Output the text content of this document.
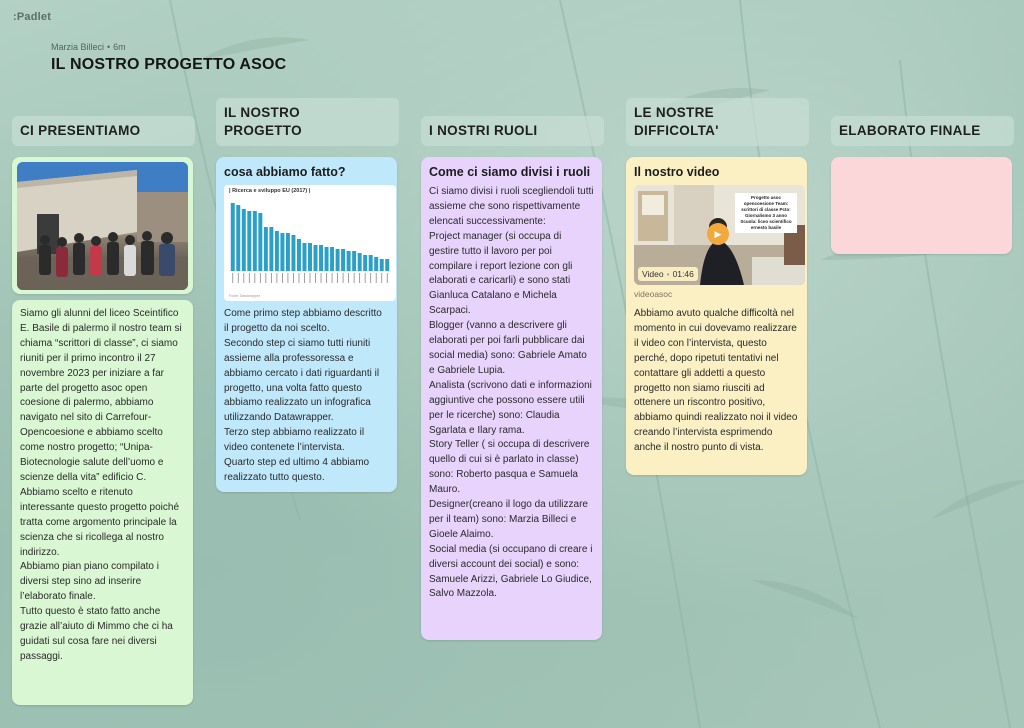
:Padlet
Marzia Billeci • 6m
IL NOSTRO PROGETTO ASOC
CI PRESENTIAMO
IL NOSTRO
PROGETTO	I NOSTRI RUOLI
LE NOSTRE
DIFFICOLTA'	ELABORATO FINALE
Siamo gli alunni del liceo Sceintifico E. Basile di palermo il nostro team si chiama “scrittori di classe”, ci siamo riuniti per il primo incontro il 27 novembre 2023 per iniziare a far parte del progetto asoc open coesione di palermo, abbiamo navigato nel sito di Carrefour-Opencoesione e abbiamo scelto come nostro progetto; “Unipa-Biotecnologie salute dell’uomo e scienze della vita” edificio C.
Abbiamo scelto e ritenuto interessante questo progetto poiché tratta come argomento principale la scienza che si ricollega al nostro indirizzo.
Abbiamo pian piano compilato i diversi step sino ad inserire l’elaborato finale.
Tutto questo è stato fatto anche grazie all’aiuto di Mimmo che ci ha guidati sul cosa fare nei diversi passaggi.
cosa abbiamo fatto?
| Ricerca e sviluppo EU (2017) |
Fonte: Datawrapper
Come primo step abbiamo descritto il progetto da noi scelto.
Secondo step ci siamo tutti riuniti assieme alla professoressa e abbiamo cercato i dati riguardanti il progetto, una volta fatto questo abbiamo realizzato un infografica utilizzando Datawrapper.
Terzo step abbiamo realizzato il video contenete l’intervista.
Quarto step ed ultimo 4 abbiamo realizzato tutto questo.
Come ci siamo divisi i ruoli
Ci siamo divisi i ruoli scegliendoli tutti assieme che sono rispettivamente elencati successivamente:
Project manager (si occupa di gestire tutto il lavoro per poi compilare i report lezione con gli elaborati e caricarli) e sono stati Gianluca Catalano e Michela Scarpaci.
Blogger (vanno a descrivere gli elaborati per poi farli pubblicare dai social media) sono: Gabriele Amato e Gabriele Lupia.
Analista (scrivono dati e informazioni aggiuntive che possono essere utili per le ricerche) sono: Claudia Sgarlata e Ilary rama.
Story Teller ( si occupa di descrivere quello di cui si è parlato in classe) sono: Roberto pasqua e Samuela Mauro.
Designer(creano il logo da utilizzare per il team) sono: Marzia Billeci e Gioele Alaimo.
Social media (si occupano di creare i diversi account dei social) e sono: Samuele Arizzi, Gabriele Lo Giudice, Salvo Mazzola.
Il nostro video
Progetto asoc opencoesione Team: scrittori di classe Pcto: Giornalismo 3 anno Scuola: liceo scientifico ernesto basile
▶
Video • 01:46
videoasoc
Abbiamo avuto qualche difficoltà nel momento in cui dovevamo realizzare il video con l’intervista, questo perché, dopo ripetuti tentativi nel contattare gli addetti a questo progetto non siamo riusciti ad ottenere un riscontro positivo, abbiamo quindi realizzato noi il video creando l’intervista esprimendo anche il nostro punto di vista.
